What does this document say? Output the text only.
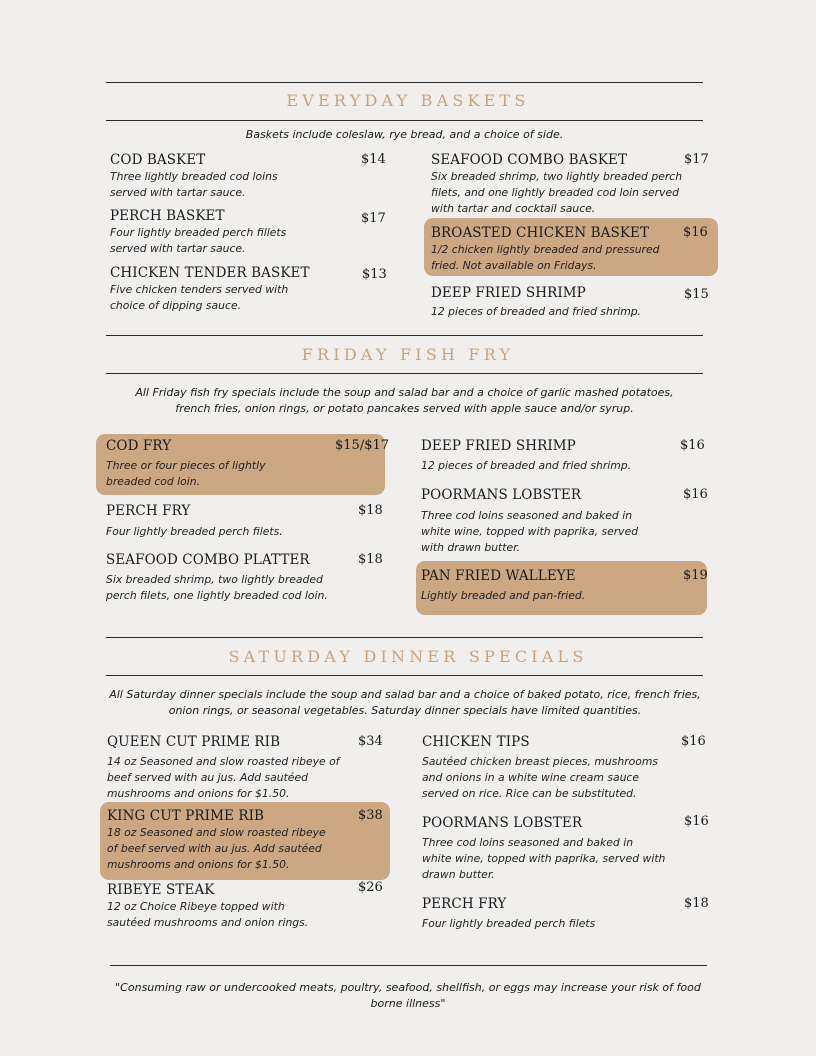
EVERYDAY BASKETS
Baskets include coleslaw, rye bread, and a choice of side.
COD BASKET	$14
Three lightly breaded cod loins
served with tartar sauce.
PERCH BASKET	$17
Four lightly breaded perch fillets
served with tartar sauce.
CHICKEN TENDER BASKET	$13
Five chicken tenders served with
choice of dipping sauce.
SEAFOOD COMBO BASKET	$17
Six breaded shrimp, two lightly breaded perch
filets, and one lightly breaded cod loin served
with tartar and cocktail sauce.
BROASTED CHICKEN BASKET	$16
1/2 chicken lightly breaded and pressured
fried. Not available on Fridays.
DEEP FRIED SHRIMP	$15
12 pieces of breaded and fried shrimp.
FRIDAY FISH FRY
All Friday fish fry specials include the soup and salad bar and a choice of garlic mashed potatoes,
french fries, onion rings, or potato pancakes served with apple sauce and/or syrup.
COD FRY	$15/$17
Three or four pieces of lightly
breaded cod loin.
PERCH FRY	$18
Four lightly breaded perch filets.
SEAFOOD COMBO PLATTER	$18
Six breaded shrimp, two lightly breaded
perch filets, one lightly breaded cod loin.
DEEP FRIED SHRIMP	$16
12 pieces of breaded and fried shrimp.
POORMANS LOBSTER	$16
Three cod loins seasoned and baked in
white wine, topped with paprika, served
with drawn butter.
PAN FRIED WALLEYE	$19
Lightly breaded and pan-fried.
SATURDAY DINNER SPECIALS
All Saturday dinner specials include the soup and salad bar and a choice of baked potato, rice, french fries,
onion rings, or seasonal vegetables. Saturday dinner specials have limited quantities.
QUEEN CUT PRIME RIB	$34
14 oz Seasoned and slow roasted ribeye of
beef served with au jus. Add sautéed
mushrooms and onions for $1.50.
KING CUT PRIME RIB	$38
18 oz Seasoned and slow roasted ribeye
of beef served with au jus. Add sautéed
mushrooms and onions for $1.50.
RIBEYE STEAK	$26
12 oz Choice Ribeye topped with
sautéed mushrooms and onion rings.
CHICKEN TIPS	$16
Sautéed chicken breast pieces, mushrooms
and onions in a white wine cream sauce
served on rice. Rice can be substituted.
POORMANS LOBSTER	$16
Three cod loins seasoned and baked in
white wine, topped with paprika, served with
drawn butter.
PERCH FRY	$18
Four lightly breaded perch filets
"Consuming raw or undercooked meats, poultry, seafood, shellfish, or eggs may increase your risk of food
borne illness"
